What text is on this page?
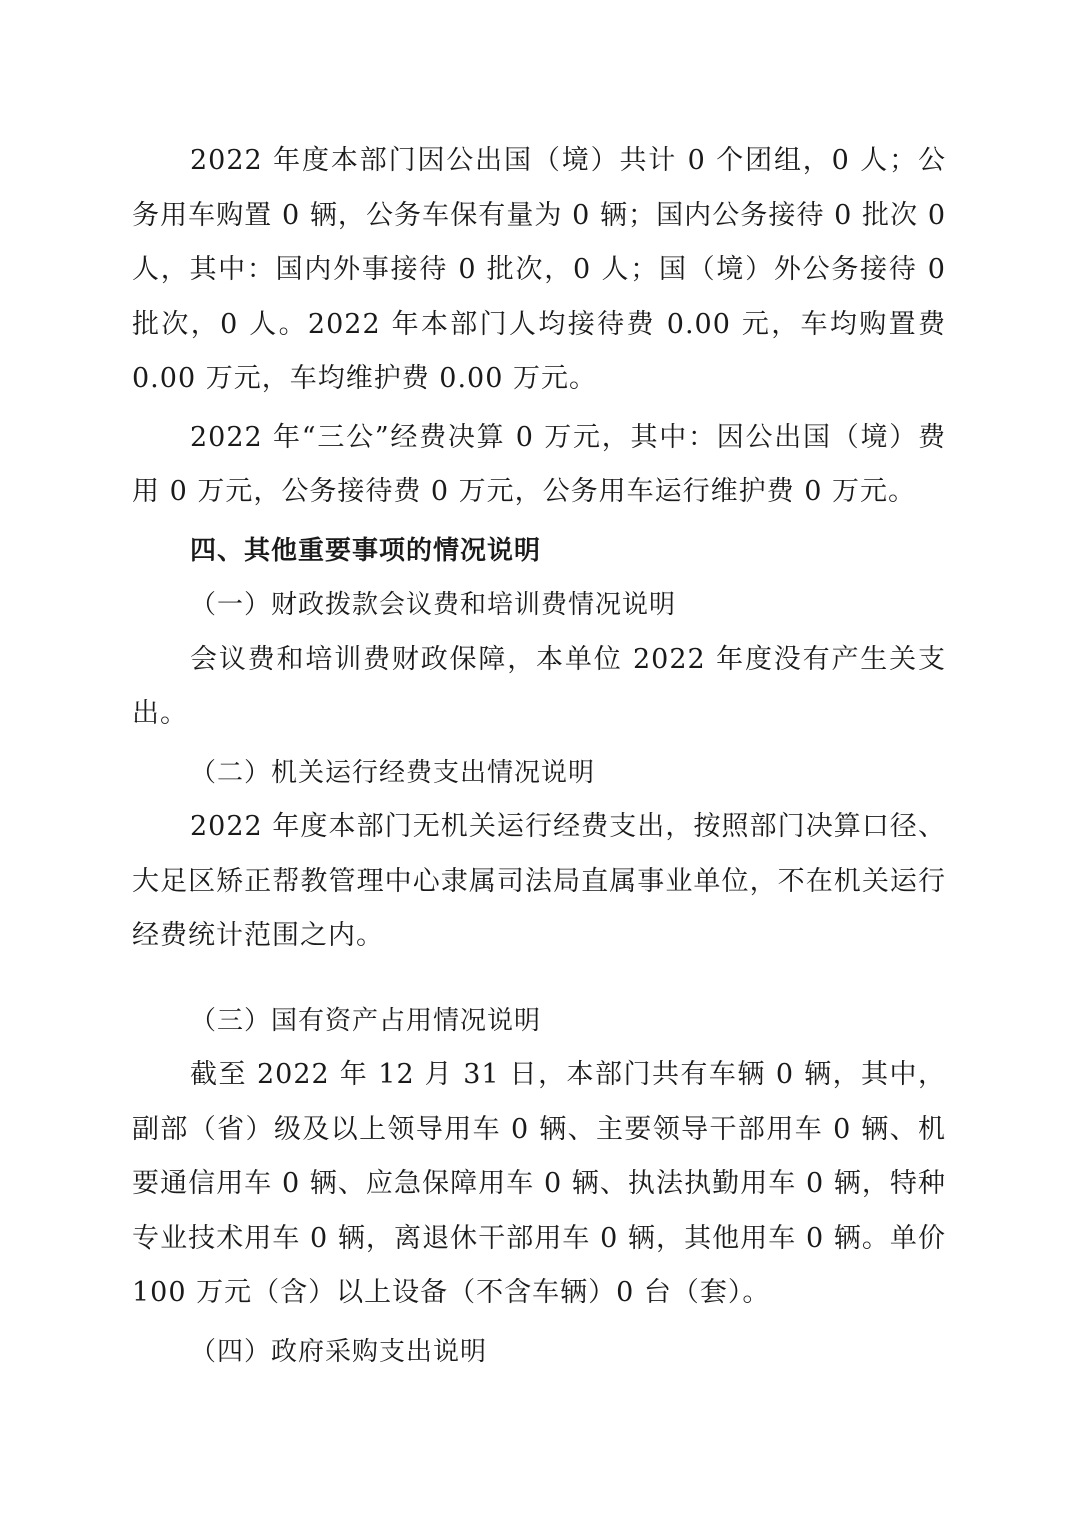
2022 年度本部门因公出国（境）共计 0 个团组，0 人；公务用车购置 0 辆，公务车保有量为 0 辆；国内公务接待 0 批次 0 人，其中：国内外事接待 0 批次，0 人；国（境）外公务接待 0 批次，0 人。2022 年本部门人均接待费 0.00 元，车均购置费 0.00 万元，车均维护费 0.00 万元。

2022 年“三公”经费决算 0 万元，其中：因公出国（境）费用 0 万元，公务接待费 0 万元，公务用车运行维护费 0 万元。

四、其他重要事项的情况说明

（一）财政拨款会议费和培训费情况说明

会议费和培训费财政保障，本单位 2022 年度没有产生关支出。

（二）机关运行经费支出情况说明

2022 年度本部门无机关运行经费支出，按照部门决算口径、大足区矫正帮教管理中心隶属司法局直属事业单位，不在机关运行经费统计范围之内。

（三）国有资产占用情况说明

截至 2022 年 12 月 31 日，本部门共有车辆 0 辆，其中，副部（省）级及以上领导用车 0 辆、主要领导干部用车 0 辆、机要通信用车 0 辆、应急保障用车 0 辆、执法执勤用车 0 辆，特种专业技术用车 0 辆，离退休干部用车 0 辆，其他用车 0 辆。单价 100 万元（含）以上设备（不含车辆）0 台（套）。

（四）政府采购支出说明
